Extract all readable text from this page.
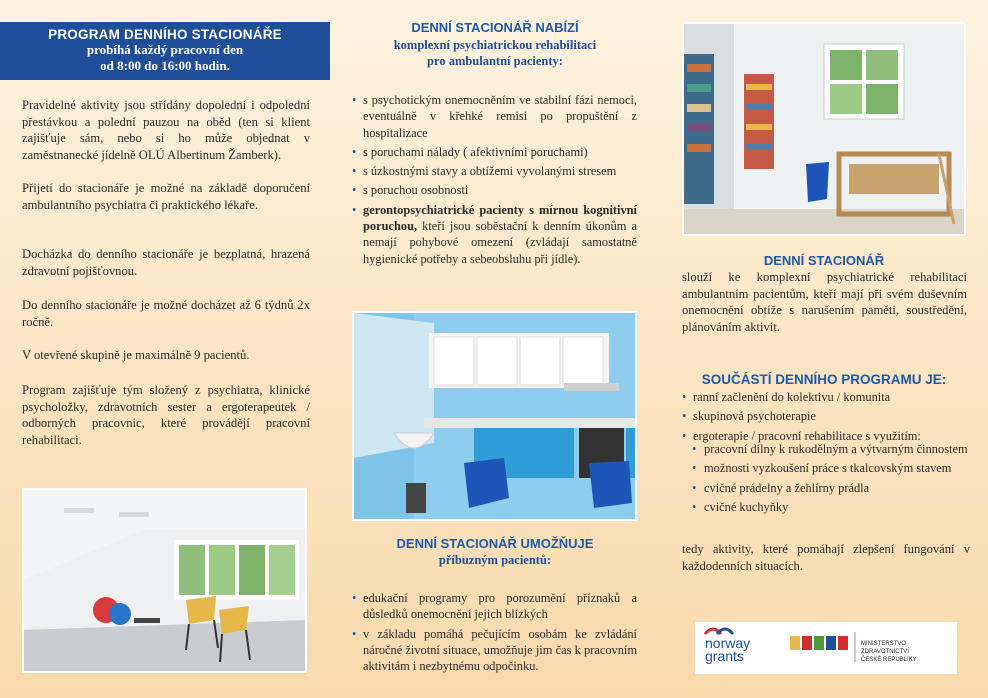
PROGRAM DENNÍHO STACIONÁŘE
probíhá každý pracovní den
od 8:00 do 16:00 hodin.

Pravidelné aktivity jsou střídány dopolední i odpolední přestávkou a polední pauzou na oběd (ten si klient zajišťuje sám, nebo si ho může objednat v zaměstnanecké jídelně OLÚ Albertinum Žamberk).

Přijetí do stacionáře je možné na základě doporučení ambulantního psychiatra či praktického lékaře.

Docházka do denního stacionáře je bezplatná, hrazená zdravotní pojišťovnou.

Do denního stacionáře je možné docházet až 6 týdnů 2x ročně.

V otevřené skupině je maximálně 9 pacientů.

Program zajišťuje tým složený z psychiatra, klinické psycholožky, zdravotních sester a ergoterapeutek / odborných pracovnic, které provádějí pracovní rehabilitaci.

DENNÍ STACIONÁŘ NABÍZÍ
komplexní psychiatrickou rehabilitaci
pro ambulantní pacienty:
• s psychotickým onemocněním ve stabilní fázi nemoci, eventuálně v křehké remisi po propuštění z hospitalizace
• s poruchami nálady ( afektivními poruchami)
• s úzkostnými stavy a obtížemi vyvolanými stresem
• s poruchou osobnosti
• gerontopsychiatrické pacienty s mírnou kognitivní poruchou, kteří jsou soběstační k denním úkonům a nemají pohybové omezení (zvládají samostatně hygienické potřeby a sebeobsluhu při jídle).
DENNÍ STACIONÁŘ UMOŽŇUJE
příbuzným pacientů:
• edukační programy pro porozumění příznaků a důsledků onemocnění jejich blízkých
• v základu pomáhá pečujícím osobám ke zvládání náročné životní situace, umožňuje jim čas k pracovním aktivitám i nezbytnému odpočinku.
DENNÍ STACIONÁŘ

slouží ke komplexní psychiatrické rehabilitaci ambulantním pacientům, kteří mají při svém duševním onemocnění obtíže s narušením paměti, soustředění, plánováním aktivit.

SOUČÁSTÍ DENNÍHO PROGRAMU JE:
• ranní začlenění do kolektivu / komunita
• skupinová psychoterapie
• ergoterapie / pracovní rehabilitace s využitím:
• pracovní dílny k rukodělným a výtvarným činnostem
• možnosti vyzkoušení práce s tkalcovským stavem
• cvičné prádelny a žehlírny prádla
• cvičné kuchyňky

tedy aktivity, které pomáhají zlepšení fungování v každodenních situacích.

norway
grants
MINISTERSTVO ZDRAVOTNICTVÍ
ČESKÉ REPUBLIKY
